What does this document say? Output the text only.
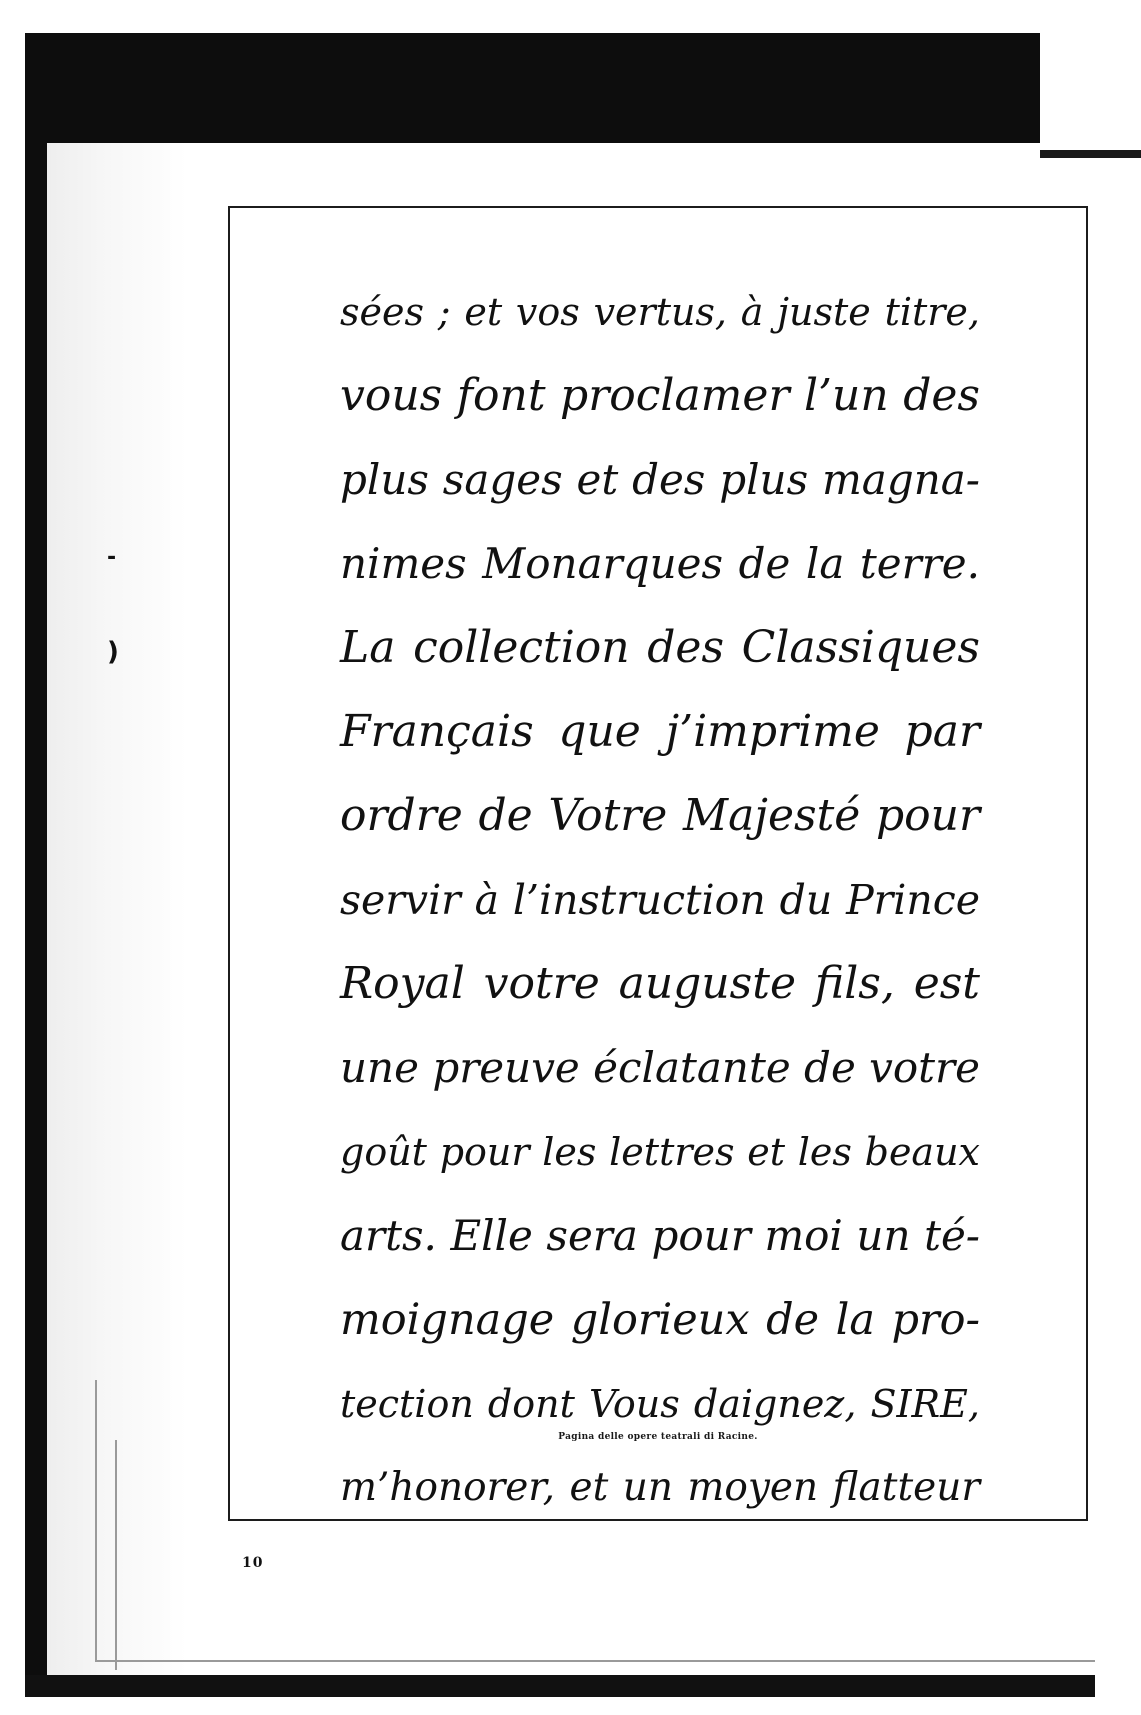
-
)
sées ; et vos vertus, à juste titre,
vous font proclamer l’un des
plus sages et des plus magna-
nimes Monarques de la terre.
La collection des Classiques
Français que j’imprime par
ordre de Votre Majesté pour
servir à l’instruction du Prince
Royal votre auguste fils, est
une preuve éclatante de votre
goût pour les lettres et les beaux
arts. Elle sera pour moi un té-
moignage glorieux de la pro-
tection dont Vous daignez, SIRE,
m’honorer, et un moyen flatteur
Pagina delle opere teatrali di Racine.
10
